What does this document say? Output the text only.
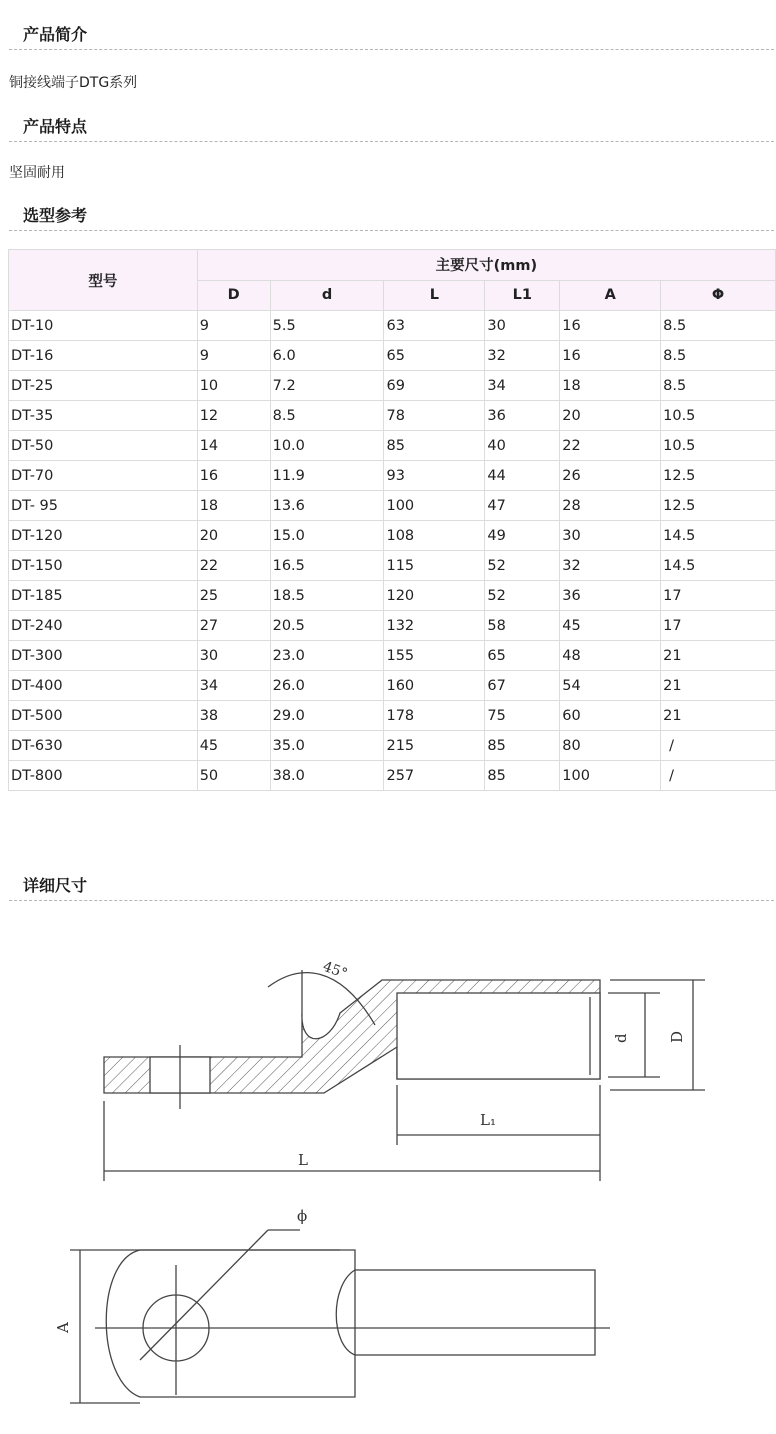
产品简介
铜接线端子DTG系列
产品特点
坚固耐用
选型参考
型号	主要尺寸(mm)					
	D	d	L	L1	A	Φ
DT-10	9	5.5	63	30	16	8.5
DT-16	9	6.0	65	32	16	8.5
DT-25	10	7.2	69	34	18	8.5
DT-35	12	8.5	78	36	20	10.5
DT-50	14	10.0	85	40	22	10.5
DT-70	16	11.9	93	44	26	12.5
DT- 95	18	13.6	100	47	28	12.5
DT-120	20	15.0	108	49	30	14.5
DT-150	22	16.5	115	52	32	14.5
DT-185	25	18.5	120	52	36	17
DT-240	27	20.5	132	58	45	17
DT-300	30	23.0	155	65	48	21
DT-400	34	26.0	160	67	54	21
DT-500	38	29.0	178	75	60	21
DT-630	45	35.0	215	85	80	/
DT-800	50	38.0	257	85	100	/
详细尺寸
45°
d	D
L₁
L
ϕ
A
